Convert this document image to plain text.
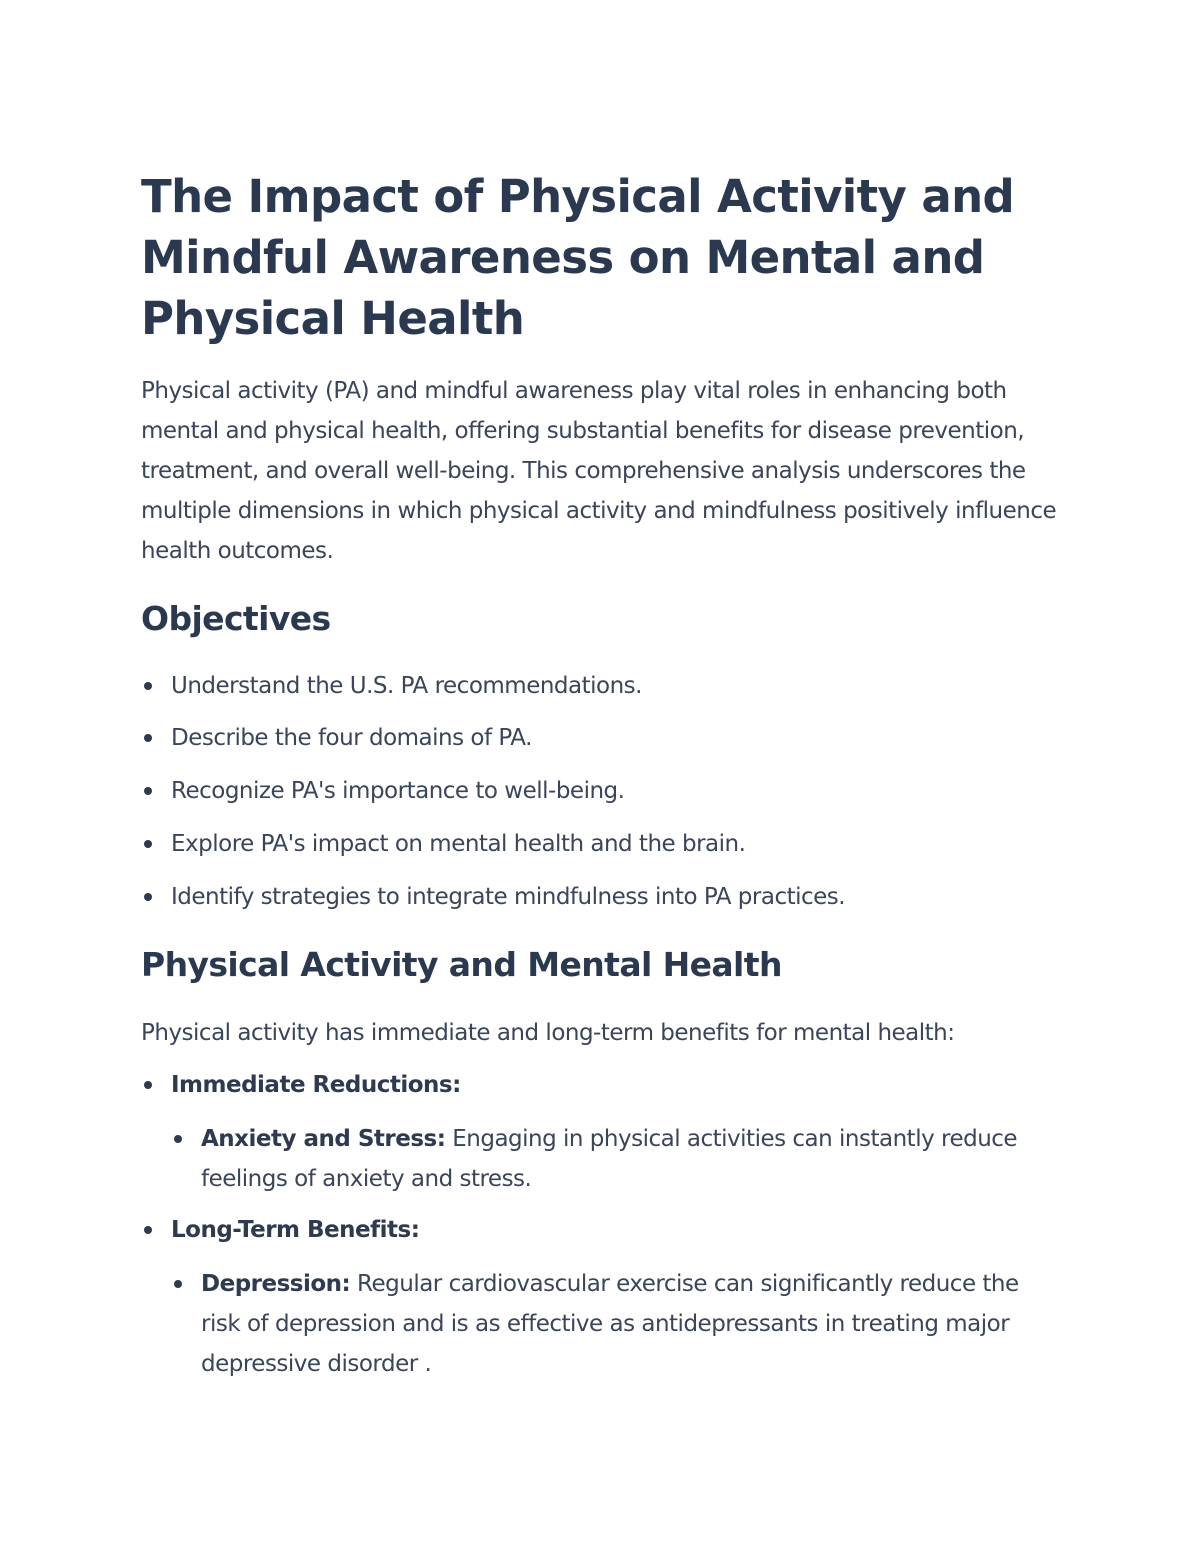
The Impact of Physical Activity and Mindful Awareness on Mental and Physical Health

Physical activity (PA) and mindful awareness play vital roles in enhancing both mental and physical health, offering substantial benefits for disease prevention, treatment, and overall well-being. This comprehensive analysis underscores the multiple dimensions in which physical activity and mindfulness positively influence health outcomes.

Objectives
Understand the U.S. PA recommendations.
Describe the four domains of PA.
Recognize PA's importance to well-being.
Explore PA's impact on mental health and the brain.
Identify strategies to integrate mindfulness into PA practices.
Physical Activity and Mental Health

Physical activity has immediate and long-term benefits for mental health:

Immediate Reductions:
Anxiety and Stress: Engaging in physical activities can instantly reduce feelings of anxiety and stress.
Long-Term Benefits:
Depression: Regular cardiovascular exercise can significantly reduce the risk of depression and is as effective as antidepressants in treating major depressive disorder .
